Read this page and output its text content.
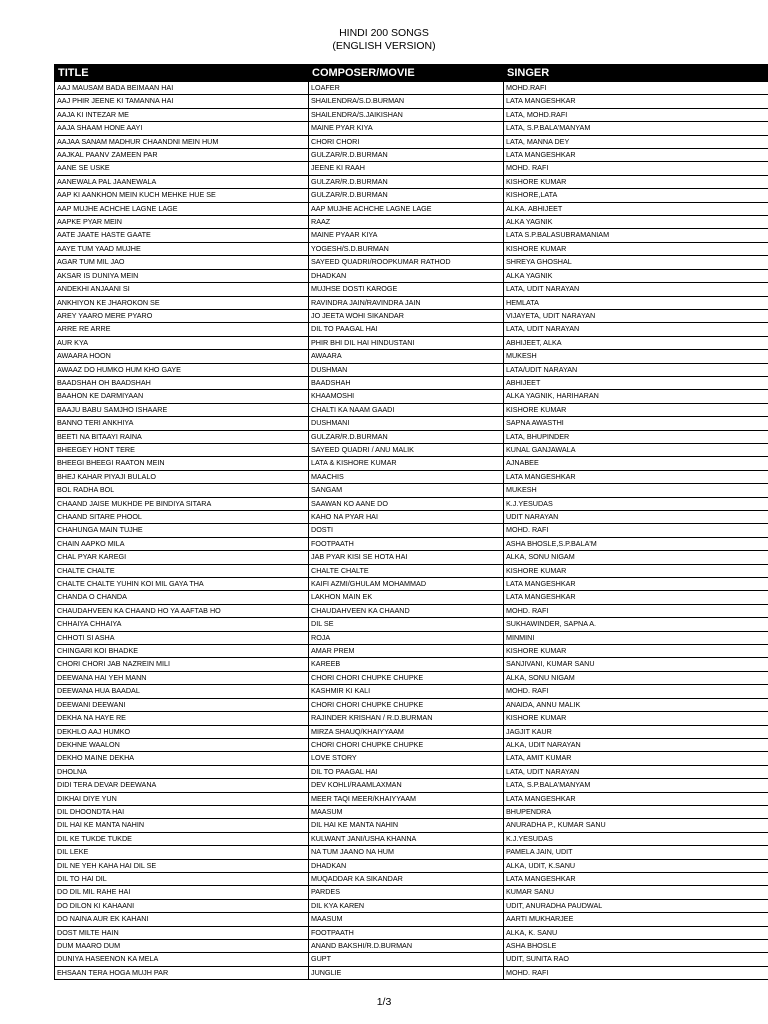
HINDI 200 SONGS
(ENGLISH VERSION)
TITLE	COMPOSER/MOVIE	SINGER
AAJ MAUSAM BADA BEIMAAN HAI	LOAFER	MOHD.RAFI
AAJ PHIR JEENE KI TAMANNA HAI	SHAILENDRA/S.D.BURMAN	LATA MANGESHKAR
AAJA KI INTEZAR ME	SHAILENDRA/S.JAIKISHAN	LATA, MOHD.RAFI
AAJA SHAAM HONE AAYI	MAINE PYAR KIYA	LATA, S.P.BALA'MANYAM
AAJAA SANAM MADHUR CHAANDNI MEIN HUM	CHORI CHORI	LATA, MANNA DEY
AAJKAL PAANV ZAMEEN PAR	GULZAR/R.D.BURMAN	LATA MANGESHKAR
AANE SE USKE	JEENE KI RAAH	MOHD. RAFI
AANEWALA PAL JAANEWALA	GULZAR/R.D.BURMAN	KISHORE KUMAR
AAP KI AANKHON MEIN KUCH MEHKE HUE SE	GULZAR/R.D.BURMAN	KISHORE,LATA
AAP MUJHE ACHCHE LAGNE LAGE	AAP MUJHE ACHCHE LAGNE LAGE	ALKA. ABHIJEET
AAPKE PYAR MEIN	RAAZ	ALKA YAGNIK
AATE JAATE HASTE GAATE	MAINE PYAAR KIYA	LATA S.P.BALASUBRAMANIAM
AAYE TUM YAAD MUJHE	YOGESH/S.D.BURMAN	KISHORE KUMAR
AGAR TUM MIL JAO	SAYEED QUADRI/ROOPKUMAR RATHOD	SHREYA GHOSHAL
AKSAR IS DUNIYA MEIN	DHADKAN	ALKA YAGNIK
ANDEKHI ANJAANI SI	MUJHSE DOSTI KAROGE	LATA, UDIT NARAYAN
ANKHIYON KE JHAROKON SE	RAVINDRA JAIN/RAVINDRA JAIN	HEMLATA
AREY YAARO MERE PYARO	JO JEETA WOHI SIKANDAR	VIJAYETA, UDIT NARAYAN
ARRE RE ARRE	DIL TO PAAGAL HAI	LATA, UDIT NARAYAN
AUR KYA	PHIR BHI DIL HAI HINDUSTANI	ABHIJEET, ALKA
AWAARA HOON	AWAARA	MUKESH
AWAAZ DO HUMKO HUM KHO GAYE	DUSHMAN	LATA/UDIT NARAYAN
BAADSHAH OH BAADSHAH	BAADSHAH	ABHIJEET
BAAHON KE DARMIYAAN	KHAAMOSHI	ALKA YAGNIK, HARIHARAN
BAAJU BABU SAMJHO ISHAARE	CHALTI KA NAAM GAADI	KISHORE KUMAR
BANNO TERI ANKHIYA	DUSHMANI	SAPNA AWASTHI
BEETI NA BITAAYI RAINA	GULZAR/R.D.BURMAN	LATA, BHUPINDER
BHEEGEY HONT TERE	SAYEED QUADRI / ANU MALIK	KUNAL GANJAWALA
BHEEGI BHEEGI RAATON MEIN	LATA & KISHORE KUMAR	AJNABEE
BHEJ KAHAR PIYAJI BULALO	MAACHIS	LATA MANGESHKAR
BOL RADHA BOL	SANGAM	MUKESH
CHAAND JAISE MUKHDE PE BINDIYA SITARA	SAAWAN KO AANE DO	K.J.YESUDAS
CHAAND SITARE PHOOL	KAHO NA PYAR HAI	UDIT NARAYAN
CHAHUNGA MAIN TUJHE	DOSTI	MOHD. RAFI
CHAIN AAPKO MILA	FOOTPAATH	ASHA BHOSLE,S.P.BALA'M
CHAL PYAR KAREGI	JAB PYAR KISI SE HOTA HAI	ALKA, SONU NIGAM
CHALTE CHALTE	CHALTE CHALTE	KISHORE KUMAR
CHALTE CHALTE YUHIN KOI MIL GAYA THA	KAIFI AZMI/GHULAM MOHAMMAD	LATA MANGESHKAR
CHANDA O CHANDA	LAKHON MAIN EK	LATA MANGESHKAR
CHAUDAHVEEN KA CHAAND HO YA AAFTAB HO	CHAUDAHVEEN KA CHAAND	MOHD. RAFI
CHHAIYA CHHAIYA	DIL SE	SUKHAWINDER, SAPNA A.
CHHOTI SI ASHA	ROJA	MINMINI
CHINGARI KOI BHADKE	AMAR PREM	KISHORE KUMAR
CHORI CHORI JAB NAZREIN MILI	KAREEB	SANJIVANI, KUMAR SANU
DEEWANA HAI YEH MANN	CHORI CHORI CHUPKE CHUPKE	ALKA, SONU NIGAM
DEEWANA HUA BAADAL	KASHMIR KI KALI	MOHD. RAFI
DEEWANI DEEWANI	CHORI CHORI CHUPKE CHUPKE	ANAIDA, ANNU MALIK
DEKHA NA HAYE RE	RAJINDER KRISHAN / R.D.BURMAN	KISHORE KUMAR
DEKHLO AAJ HUMKO	MIRZA SHAUQ/KHAIYYAAM	JAGJIT KAUR
DEKHNE WAALON	CHORI CHORI CHUPKE CHUPKE	ALKA, UDIT NARAYAN
DEKHO MAINE DEKHA	LOVE STORY	LATA, AMIT KUMAR
DHOLNA	DIL TO PAAGAL HAI	LATA, UDIT NARAYAN
DIDI TERA DEVAR DEEWANA	DEV KOHLI/RAAMLAXMAN	LATA, S.P.BALA'MANYAM
DIKHAI DIYE YUN	MEER TAQI MEER/KHAIYYAAM	LATA MANGESHKAR
DIL DHOONDTA HAI	MAASUM	BHUPENDRA
DIL HAI KE MANTA NAHIN	DIL HAI KE MANTA NAHIN	ANURADHA P., KUMAR SANU
DIL KE TUKDE TUKDE	KULWANT JANI/USHA KHANNA	K.J.YESUDAS
DIL LEKE	NA TUM JAANO NA HUM	PAMELA JAIN, UDIT
DIL NE YEH KAHA HAI DIL SE	DHADKAN	ALKA, UDIT, K.SANU
DIL TO HAI DIL	MUQADDAR KA SIKANDAR	LATA MANGESHKAR
DO DIL MIL RAHE HAI	PARDES	KUMAR SANU
DO DILON KI KAHAANI	DIL KYA KAREN	UDIT, ANURADHA PAUDWAL
DO NAINA AUR EK KAHANI	MAASUM	AARTI MUKHARJEE
DOST MILTE HAIN	FOOTPAATH	ALKA, K. SANU
DUM MAARO DUM	ANAND BAKSHI/R.D.BURMAN	ASHA BHOSLE
DUNIYA HASEENON KA MELA	GUPT	UDIT, SUNITA RAO
EHSAAN TERA HOGA MUJH PAR	JUNGLIE	MOHD. RAFI
1/3
